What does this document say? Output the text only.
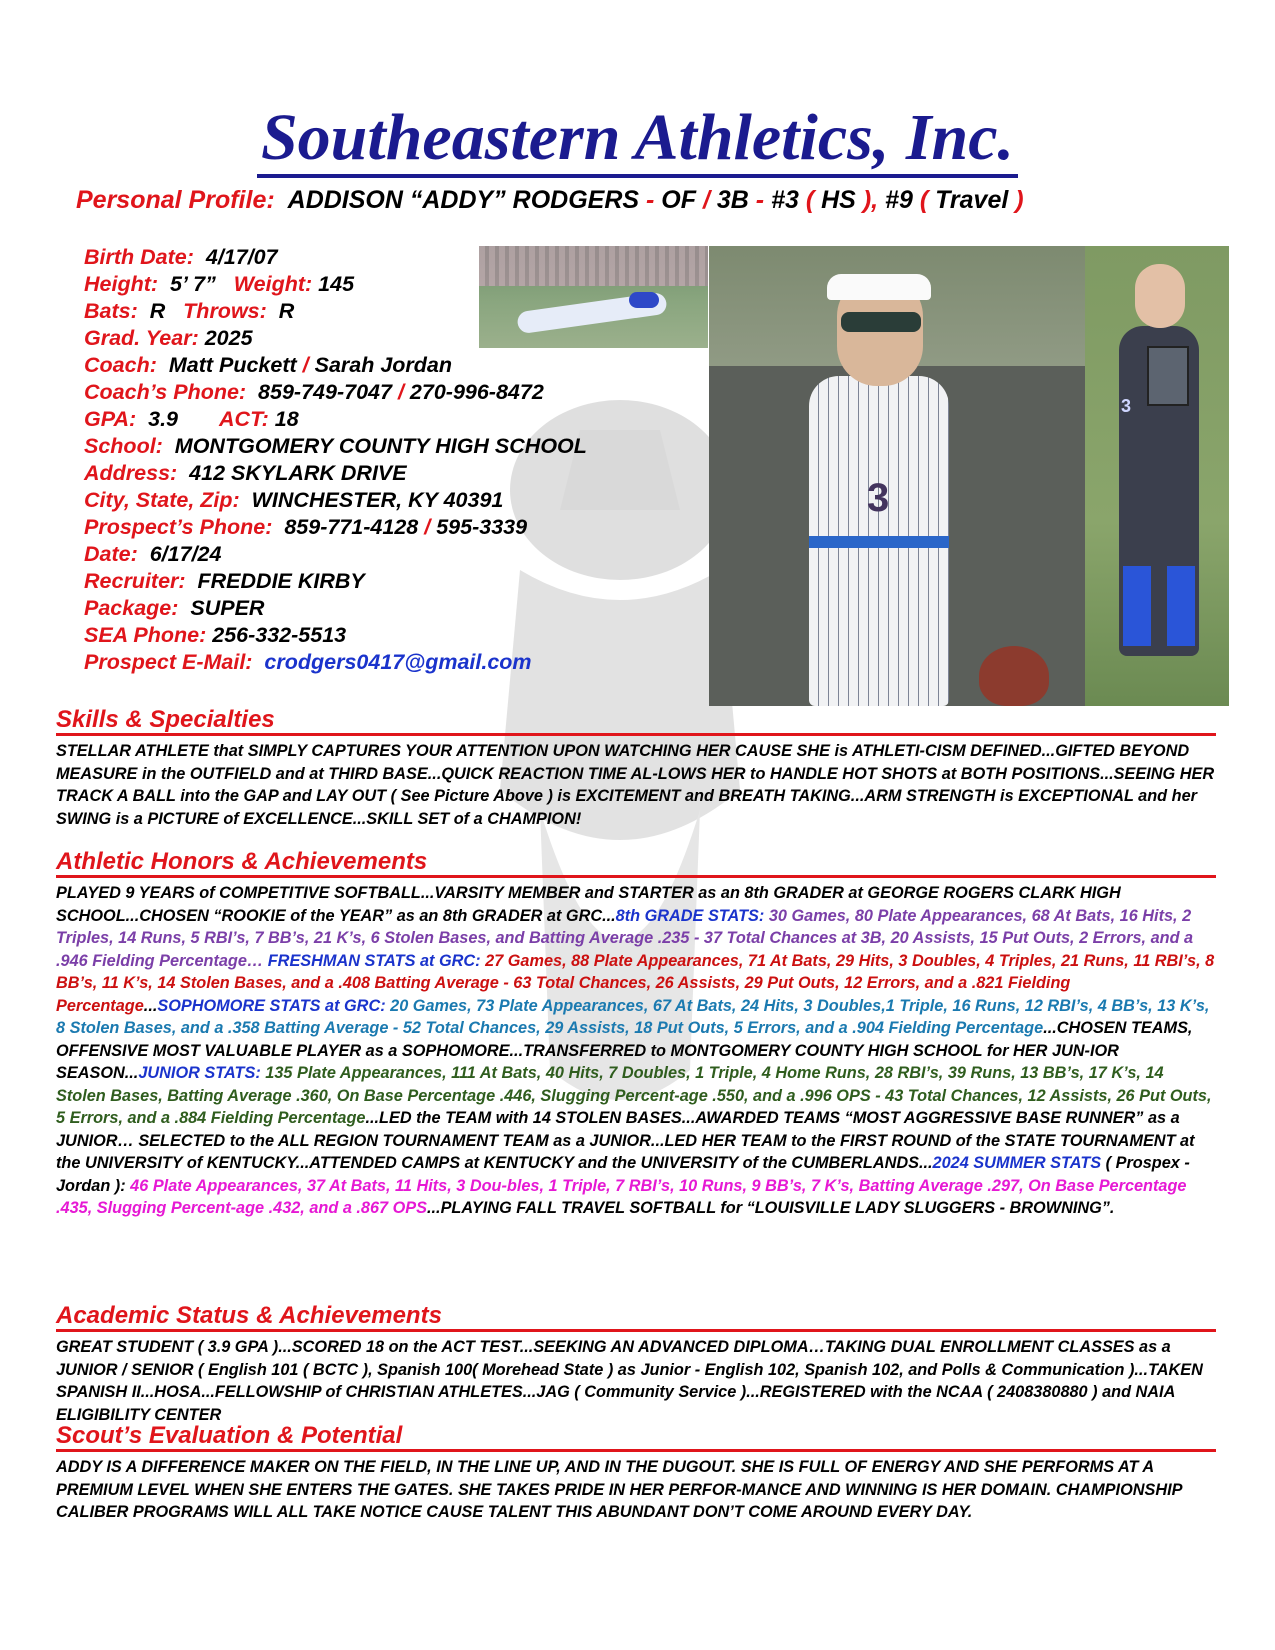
Southeastern Athletics, Inc.
Personal Profile: ADDISON “ADDY” RODGERS - OF / 3B - #3 ( HS ), #9 ( Travel )
Birth Date: 4/17/07
Height: 5’ 7” Weight: 145
Bats: R Throws: R
Grad. Year: 2025
Coach: Matt Puckett / Sarah Jordan
Coach’s Phone: 859-749-7047 / 270-996-8472
GPA: 3.9 ACT: 18
School: MONTGOMERY COUNTY HIGH SCHOOL
Address: 412 SKYLARK DRIVE
City, State, Zip: WINCHESTER, KY 40391
Prospect’s Phone: 859-771-4128 / 595-3339
Date: 6/17/24
Recruiter: FREDDIE KIRBY
Package: SUPER
SEA Phone: 256-332-5513
Prospect E-Mail: crodgers0417@gmail.com
3
3
Skills & Specialties
STELLAR ATHLETE that SIMPLY CAPTURES YOUR ATTENTION UPON WATCHING HER CAUSE SHE is ATHLETI-CISM DEFINED...GIFTED BEYOND MEASURE in the OUTFIELD and at THIRD BASE...QUICK REACTION TIME AL-LOWS HER to HANDLE HOT SHOTS at BOTH POSITIONS...SEEING HER TRACK A BALL into the GAP and LAY OUT ( See Picture Above ) is EXCITEMENT and BREATH TAKING...ARM STRENGTH is EXCEPTIONAL and her SWING is a PICTURE of EXCELLENCE...SKILL SET of a CHAMPION!
Athletic Honors & Achievements
PLAYED 9 YEARS of COMPETITIVE SOFTBALL...VARSITY MEMBER and STARTER as an 8th GRADER at GEORGE ROGERS CLARK HIGH SCHOOL...CHOSEN “ROOKIE of the YEAR” as an 8th GRADER at GRC...8th GRADE STATS: 30 Games, 80 Plate Appearances, 68 At Bats, 16 Hits, 2 Triples, 14 Runs, 5 RBI’s, 7 BB’s, 21 K’s, 6 Stolen Bases, and Batting Average .235 - 37 Total Chances at 3B, 20 Assists, 15 Put Outs, 2 Errors, and a .946 Fielding Percentage… FRESHMAN STATS at GRC: 27 Games, 88 Plate Appearances, 71 At Bats, 29 Hits, 3 Doubles, 4 Triples, 21 Runs, 11 RBI’s, 8 BB’s, 11 K’s, 14 Stolen Bases, and a .408 Batting Average - 63 Total Chances, 26 Assists, 29 Put Outs, 12 Errors, and a .821 Fielding Percentage...SOPHOMORE STATS at GRC: 20 Games, 73 Plate Appearances, 67 At Bats, 24 Hits, 3 Doubles,1 Triple, 16 Runs, 12 RBI’s, 4 BB’s, 13 K’s, 8 Stolen Bases, and a .358 Batting Average - 52 Total Chances, 29 Assists, 18 Put Outs, 5 Errors, and a .904 Fielding Percentage...CHOSEN TEAMS, OFFENSIVE MOST VALUABLE PLAYER as a SOPHOMORE...TRANSFERRED to MONTGOMERY COUNTY HIGH SCHOOL for HER JUN-IOR SEASON...JUNIOR STATS: 135 Plate Appearances, 111 At Bats, 40 Hits, 7 Doubles, 1 Triple, 4 Home Runs, 28 RBI’s, 39 Runs, 13 BB’s, 17 K’s, 14 Stolen Bases, Batting Average .360, On Base Percentage .446, Slugging Percent-age .550, and a .996 OPS - 43 Total Chances, 12 Assists, 26 Put Outs, 5 Errors, and a .884 Fielding Percentage...LED the TEAM with 14 STOLEN BASES...AWARDED TEAMS “MOST AGGRESSIVE BASE RUNNER” as a JUNIOR… SELECTED to the ALL REGION TOURNAMENT TEAM as a JUNIOR...LED HER TEAM to the FIRST ROUND of the STATE TOURNAMENT at the UNIVERSITY of KENTUCKY...ATTENDED CAMPS at KENTUCKY and the UNIVERSITY of the CUMBERLANDS...2024 SUMMER STATS ( Prospex - Jordan ): 46 Plate Appearances, 37 At Bats, 11 Hits, 3 Dou-bles, 1 Triple, 7 RBI’s, 10 Runs, 9 BB’s, 7 K’s, Batting Average .297, On Base Percentage .435, Slugging Percent-age .432, and a .867 OPS...PLAYING FALL TRAVEL SOFTBALL for “LOUISVILLE LADY SLUGGERS - BROWNING”.
Academic Status & Achievements
GREAT STUDENT ( 3.9 GPA )...SCORED 18 on the ACT TEST...SEEKING AN ADVANCED DIPLOMA…TAKING DUAL ENROLLMENT CLASSES as a JUNIOR / SENIOR ( English 101 ( BCTC ), Spanish 100( Morehead State ) as Junior - English 102, Spanish 102, and Polls & Communication )...TAKEN SPANISH II...HOSA...FELLOWSHIP of CHRISTIAN ATHLETES...JAG ( Community Service )...REGISTERED with the NCAA ( 2408380880 ) and NAIA ELIGIBILITY CENTER
Scout’s Evaluation & Potential
ADDY IS A DIFFERENCE MAKER ON THE FIELD, IN THE LINE UP, AND IN THE DUGOUT. SHE IS FULL OF ENERGY AND SHE PERFORMS AT A PREMIUM LEVEL WHEN SHE ENTERS THE GATES. SHE TAKES PRIDE IN HER PERFOR-MANCE AND WINNING IS HER DOMAIN. CHAMPIONSHIP CALIBER PROGRAMS WILL ALL TAKE NOTICE CAUSE TALENT THIS ABUNDANT DON’T COME AROUND EVERY DAY.
